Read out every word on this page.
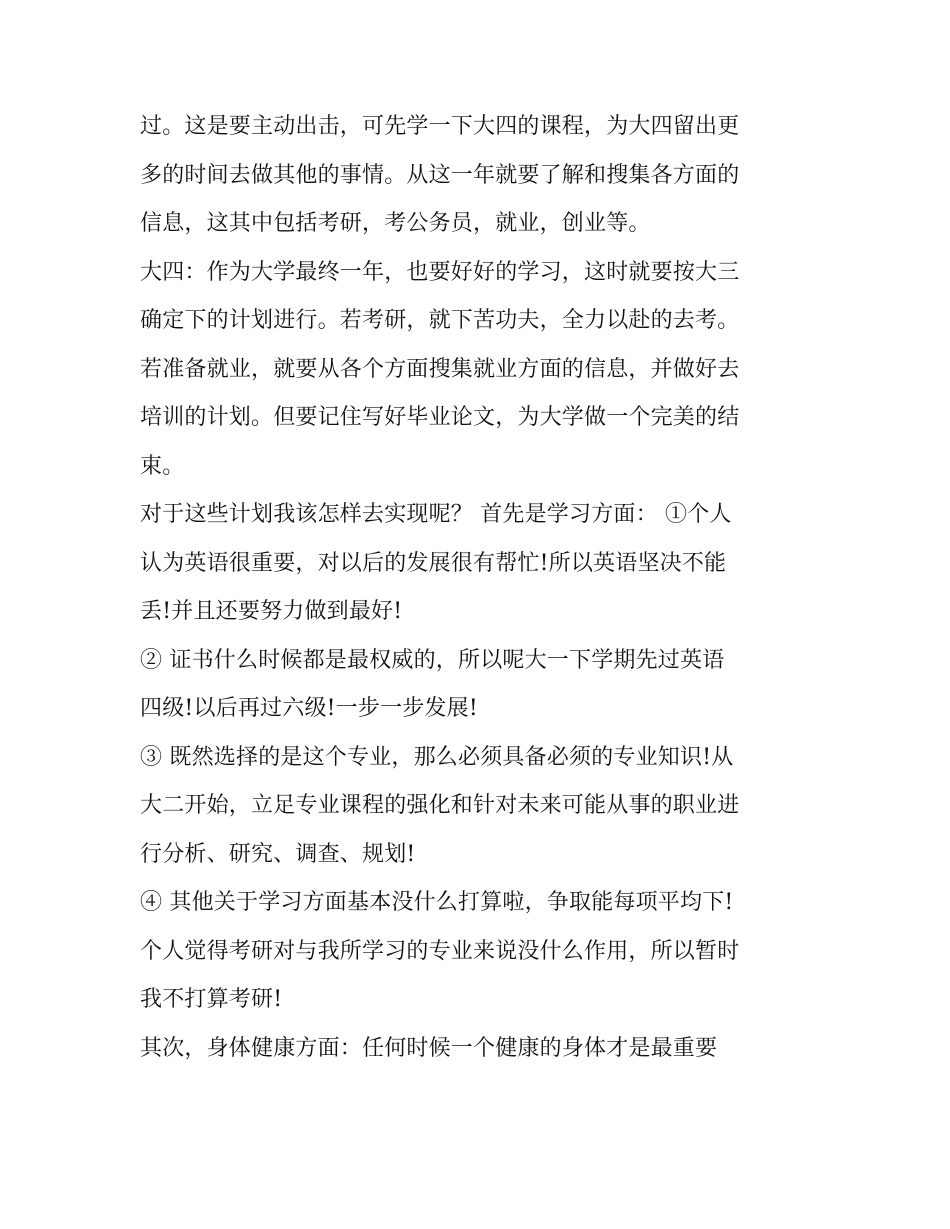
过。这是要主动出击，可先学一下大四的课程，为大四留出更
多的时间去做其他的事情。从这一年就要了解和搜集各方面的
信息，这其中包括考研，考公务员，就业，创业等。
大四：作为大学最终一年，也要好好的学习，这时就要按大三
确定下的计划进行。若考研，就下苦功夫，全力以赴的去考。
若准备就业，就要从各个方面搜集就业方面的信息，并做好去
培训的计划。但要记住写好毕业论文，为大学做一个完美的结
束。
对于这些计划我该怎样去实现呢？ 首先是学习方面： ①个人
认为英语很重要，对以后的发展很有帮忙!所以英语坚决不能
丢!并且还要努力做到最好!
② 证书什么时候都是最权威的，所以呢大一下学期先过英语
四级!以后再过六级!一步一步发展!
③ 既然选择的是这个专业，那么必须具备必须的专业知识!从
大二开始，立足专业课程的强化和针对未来可能从事的职业进
行分析、研究、调查、规划!
④ 其他关于学习方面基本没什么打算啦，争取能每项平均下!
个人觉得考研对与我所学习的专业来说没什么作用，所以暂时
我不打算考研!
其次，身体健康方面：任何时候一个健康的身体才是最重要
